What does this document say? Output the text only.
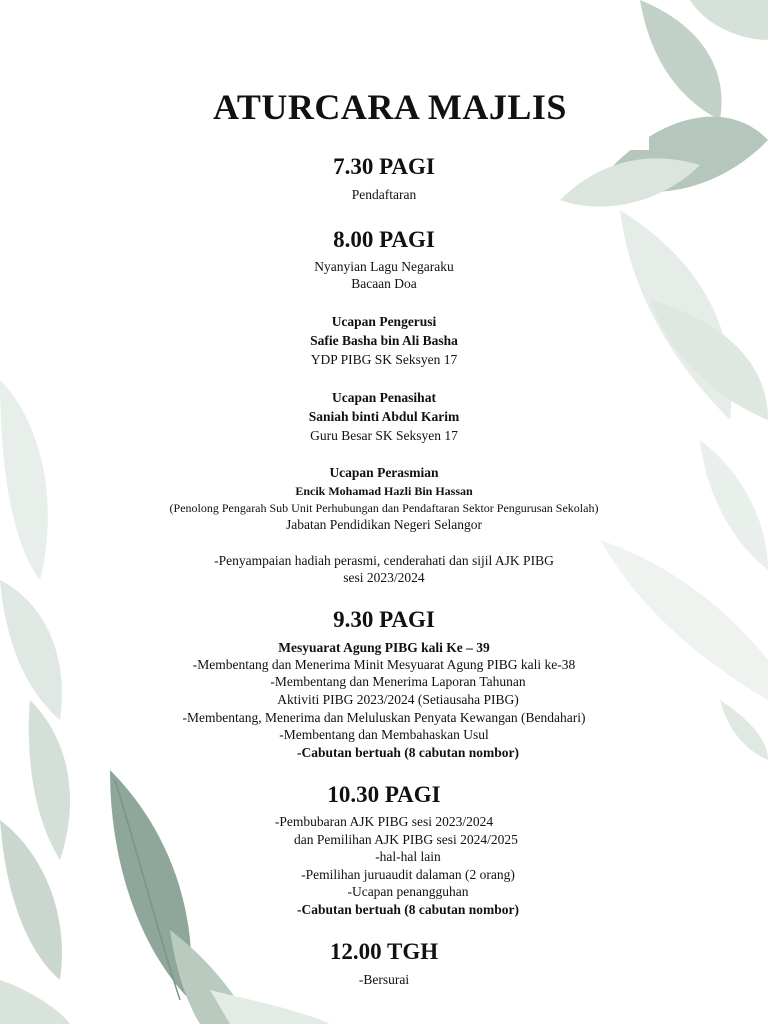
ATURCARA MAJLIS
7.30 PAGI
Pendaftaran
8.00 PAGI
Nyanyian Lagu Negaraku
Bacaan Doa
Ucapan Pengerusi
Safie Basha bin Ali Basha
YDP PIBG SK Seksyen 17
Ucapan Penasihat
Saniah binti Abdul Karim
Guru Besar SK Seksyen 17
Ucapan Perasmian
Encik Mohamad Hazli Bin Hassan
(Penolong Pengarah Sub Unit Perhubungan dan Pendaftaran Sektor Pengurusan Sekolah)
Jabatan Pendidikan Negeri Selangor
-Penyampaian hadiah perasmi, cenderahati dan sijil AJK PIBG
sesi 2023/2024
9.30 PAGI
Mesyuarat Agung PIBG kali Ke – 39
-Membentang dan Menerima Minit Mesyuarat Agung PIBG kali ke-38
-Membentang dan Menerima Laporan Tahunan
Aktiviti PIBG 2023/2024 (Setiausaha PIBG)
-Membentang, Menerima dan Meluluskan Penyata Kewangan (Bendahari)
-Membentang dan Membahaskan Usul
-Cabutan bertuah (8 cabutan nombor)
10.30 PAGI
-Pembubaran AJK PIBG sesi 2023/2024
dan Pemilihan AJK PIBG sesi 2024/2025
-hal-hal lain
-Pemilihan juruaudit dalaman (2 orang)
-Ucapan penangguhan
-Cabutan bertuah (8 cabutan nombor)
12.00 TGH
-Bersurai
